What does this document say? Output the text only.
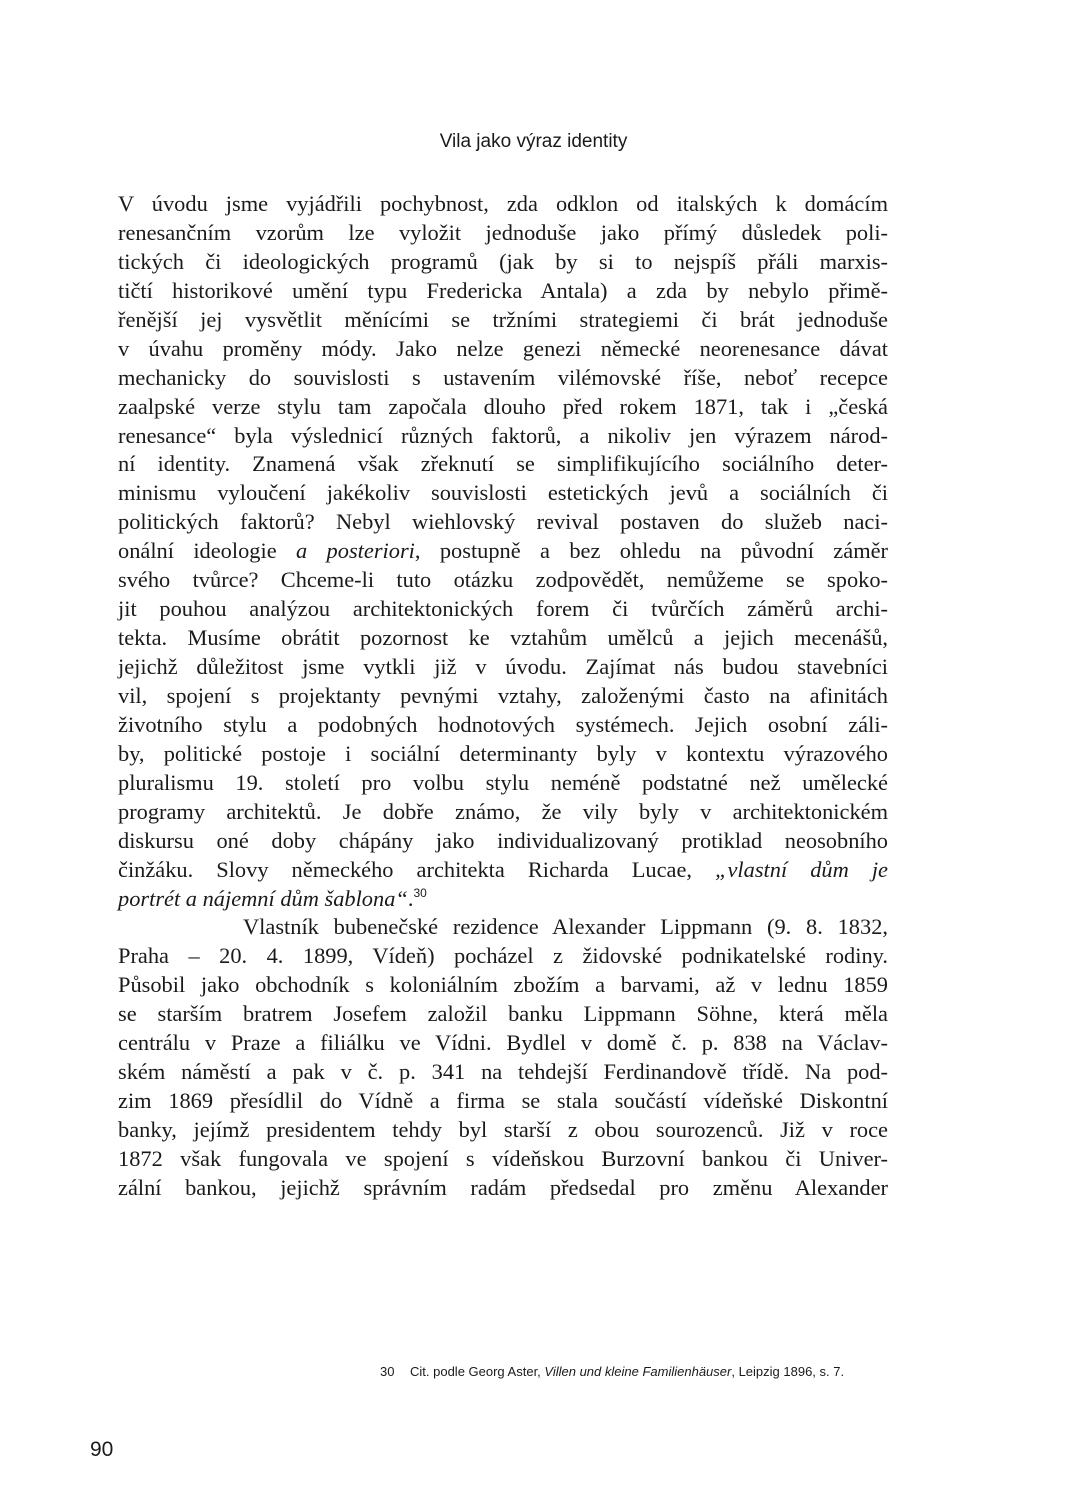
Vila jako výraz identity
V úvodu jsme vyjádřili pochybnost, zda odklon od italských k domácím
renesančním vzorům lze vyložit jednoduše jako přímý důsledek poli-
tických či ideologických programů (jak by si to nejspíš přáli marxis-
tičtí historikové umění typu Fredericka Antala) a zda by nebylo přimě-
řenější jej vysvětlit měnícími se tržními strategiemi či brát jednoduše
v úvahu proměny módy. Jako nelze genezi německé neorenesance dávat
mechanicky do souvislosti s ustavením vilémovské říše, neboť recepce
zaalpské verze stylu tam započala dlouho před rokem 1871, tak i „česká
renesance“ byla výslednicí různých faktorů, a nikoliv jen výrazem národ-
ní identity. Znamená však zřeknutí se simplifikujícího sociálního deter-
minismu vyloučení jakékoliv souvislosti estetických jevů a sociálních či
politických faktorů? Nebyl wiehlovský revival postaven do služeb naci-
onální ideologie a posteriori, postupně a bez ohledu na původní záměr
svého tvůrce? Chceme-li tuto otázku zodpovědět, nemůžeme se spoko-
jit pouhou analýzou architektonických forem či tvůrčích záměrů archi-
tekta. Musíme obrátit pozornost ke vztahům umělců a jejich mecenášů,
jejichž důležitost jsme vytkli již v úvodu. Zajímat nás budou stavebníci
vil, spojení s projektanty pevnými vztahy, založenými často na afinitách
životního stylu a podobných hodnotových systémech. Jejich osobní záli-
by, politické postoje i sociální determinanty byly v kontextu výrazového
pluralismu 19. století pro volbu stylu neméně podstatné než umělecké
programy architektů. Je dobře známo, že vily byly v architektonickém
diskursu oné doby chápány jako individualizovaný protiklad neosobního
činžáku. Slovy německého architekta Richarda Lucae, „vlastní dům je
portrét a nájemní dům šablona“.$^{30}$
Vlastník bubenečské rezidence Alexander Lippmann (9. 8. 1832,
Praha – 20. 4. 1899, Vídeň) pocházel z židovské podnikatelské rodiny.
Působil jako obchodník s koloniálním zbožím a barvami, až v lednu 1859
se starším bratrem Josefem založil banku Lippmann Söhne, která měla
centrálu v Praze a filiálku ve Vídni. Bydlel v domě č. p. 838 na Václav-
ském náměstí a pak v č. p. 341 na tehdejší Ferdinandově třídě. Na pod-
zim 1869 přesídlil do Vídně a firma se stala součástí vídeňské Diskontní
banky, jejímž presidentem tehdy byl starší z obou sourozenců. Již v roce
1872 však fungovala ve spojení s vídeňskou Burzovní bankou či Univer-
zální bankou, jejichž správním radám předsedal pro změnu Alexander
30 Cit. podle Georg Aster, Villen und kleine Familienhäuser, Leipzig 1896, s. 7.
90
